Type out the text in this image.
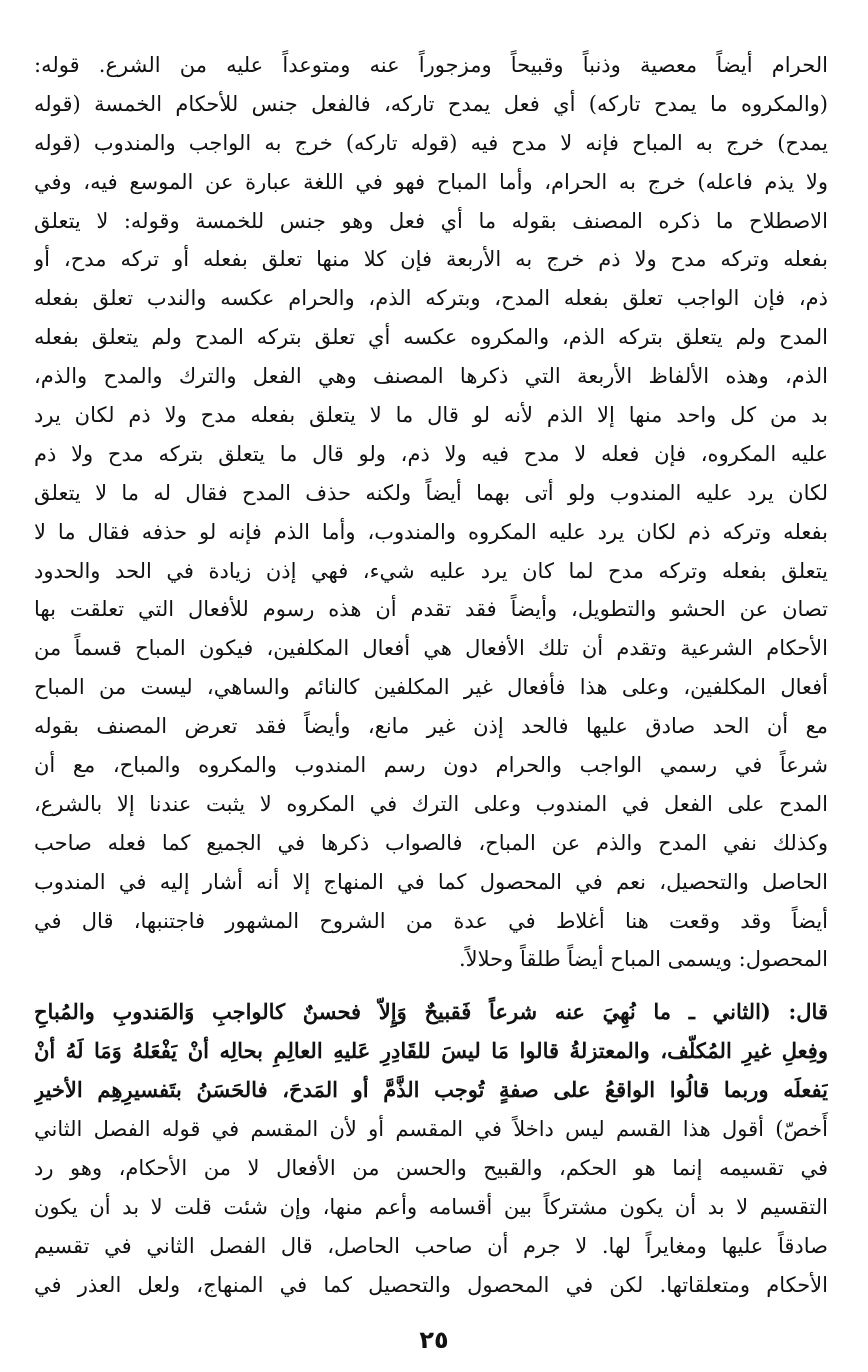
الحرام أيضاً معصية وذنباً وقبيحاً ومزجوراً عنه ومتوعداً عليه من الشرع. قوله:
(والمكروه ما يمدح تاركه) أي فعل يمدح تاركه، فالفعل جنس للأحكام الخمسة (قوله
يمدح) خرج به المباح فإنه لا مدح فيه (قوله تاركه) خرج به الواجب والمندوب (قوله
ولا يذم فاعله) خرج به الحرام، وأما المباح فهو في اللغة عبارة عن الموسع فيه، وفي
الاصطلاح ما ذكره المصنف بقوله ما أي فعل وهو جنس للخمسة وقوله: لا يتعلق
بفعله وتركه مدح ولا ذم خرج به الأربعة فإن كلا منها تعلق بفعله أو تركه مدح، أو
ذم، فإن الواجب تعلق بفعله المدح، وبتركه الذم، والحرام عكسه والندب تعلق بفعله
المدح ولم يتعلق بتركه الذم، والمكروه عكسه أي تعلق بتركه المدح ولم يتعلق بفعله
الذم، وهذه الألفاظ الأربعة التي ذكرها المصنف وهي الفعل والترك والمدح والذم،
بد من كل واحد منها إلا الذم لأنه لو قال ما لا يتعلق بفعله مدح ولا ذم لكان يرد
عليه المكروه، فإن فعله لا مدح فيه ولا ذم، ولو قال ما يتعلق بتركه مدح ولا ذم
لكان يرد عليه المندوب ولو أتى بهما أيضاً ولكنه حذف المدح فقال له ما لا يتعلق
بفعله وتركه ذم لكان يرد عليه المكروه والمندوب، وأما الذم فإنه لو حذفه فقال ما لا
يتعلق بفعله وتركه مدح لما كان يرد عليه شيء، فهي إذن زيادة في الحد والحدود
تصان عن الحشو والتطويل، وأيضاً فقد تقدم أن هذه رسوم للأفعال التي تعلقت بها
الأحكام الشرعية وتقدم أن تلك الأفعال هي أفعال المكلفين، فيكون المباح قسماً من
أفعال المكلفين، وعلى هذا فأفعال غير المكلفين كالنائم والساهي، ليست من المباح
مع أن الحد صادق عليها فالحد إذن غير مانع، وأيضاً فقد تعرض المصنف بقوله
شرعاً في رسمي الواجب والحرام دون رسم المندوب والمكروه والمباح، مع أن
المدح على الفعل في المندوب وعلى الترك في المكروه لا يثبت عندنا إلا بالشرع،
وكذلك نفي المدح والذم عن المباح، فالصواب ذكرها في الجميع كما فعله صاحب
الحاصل والتحصيل، نعم في المحصول كما في المنهاج إلا أنه أشار إليه في المندوب
أيضاً وقد وقعت هنا أغلاط في عدة من الشروح المشهور فاجتنبها، قال في
المحصول: ويسمى المباح أيضاً طلقاً وحلالاً.
قال: (الثاني ـ ما نُهِيَ عنه شرعاً فَقبيحٌ وَإِلاّ فحسنٌ كالواجبِ وَالمَندوبِ والمُباحِ
وفِعلِ غيرِ المُكلّف، والمعتزلةُ قالوا مَا ليسَ للقَادِرِ عَليهِ العالِمِ بحالِه أنْ يَفْعَلهُ وَمَا لَهُ أنْ
يَفعلَه وربما قالُوا الواقعُ على صفةٍ تُوجب الذَّمَّ أو المَدحَ، فالحَسَنُ بتَفسيرِهِم الأخيرِ
أَخصّ) أقول هذا القسم ليس داخلاً في المقسم أو لأن المقسم في قوله الفصل الثاني
في تقسيمه إنما هو الحكم، والقبيح والحسن من الأفعال لا من الأحكام، وهو رد
التقسيم لا بد أن يكون مشتركاً بين أقسامه وأعم منها، وإن شئت قلت لا بد أن يكون
صادقاً عليها ومغايراً لها. لا جرم أن صاحب الحاصل، قال الفصل الثاني في تقسيم
الأحكام ومتعلقاتها. لكن في المحصول والتحصيل كما في المنهاج، ولعل العذر في
٢٥
